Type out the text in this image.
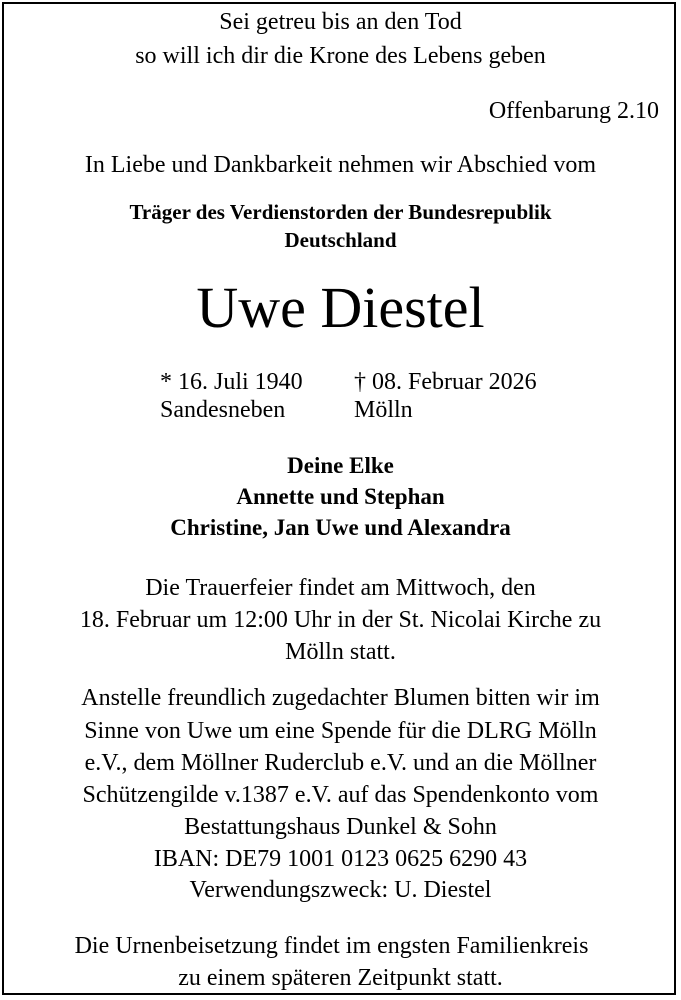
Sei getreu bis an den Tod
so will ich dir die Krone des Lebens geben
Offenbarung 2.10
In Liebe und Dankbarkeit nehmen wir Abschied vom
Träger des Verdienstorden der Bundesrepublik
Deutschland
Uwe Diestel
* 16. Juli 1940
Sandesneben
† 08. Februar 2026
Mölln
Deine Elke
Annette und Stephan
Christine, Jan Uwe und Alexandra
Die Trauerfeier findet am Mittwoch, den
18. Februar um 12:00 Uhr in der St. Nicolai Kirche zu
Mölln statt.
Anstelle freundlich zugedachter Blumen bitten wir im
Sinne von Uwe um eine Spende für die DLRG Mölln
e.V., dem Möllner Ruderclub e.V. und an die Möllner
Schützengilde v.1387 e.V. auf das Spendenkonto vom
Bestattungshaus Dunkel & Sohn
IBAN: DE79 1001 0123 0625 6290 43
Verwendungszweck: U. Diestel
Die Urnenbeisetzung findet im engsten Familienkreis
zu einem späteren Zeitpunkt statt.
